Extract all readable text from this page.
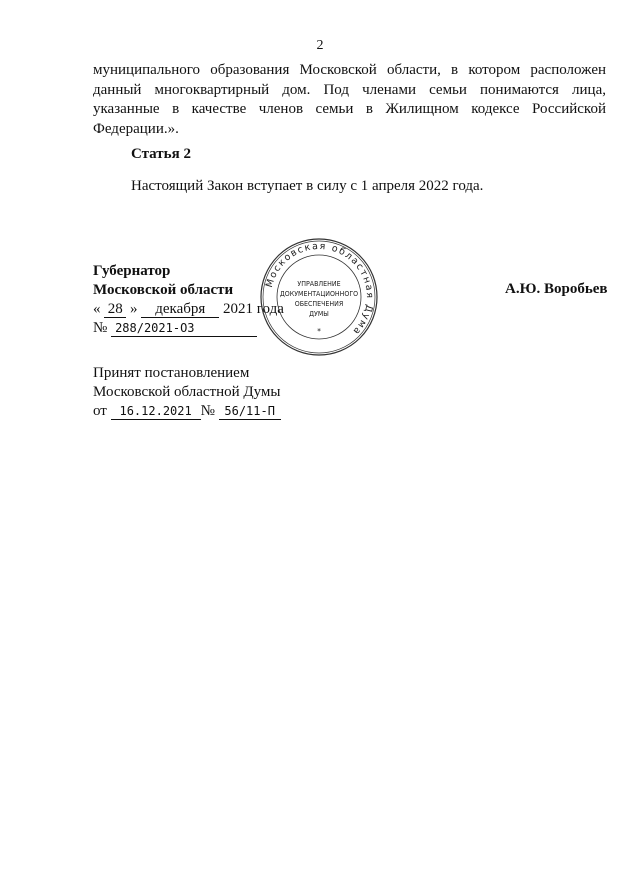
2
муниципального образования Московской области, в котором расположен данный многоквартирный дом. Под членами семьи понимаются лица, указанные в качестве членов семьи в Жилищном кодексе Российской Федерации.».
Статья 2
Настоящий Закон вступает в силу с 1 апреля 2022 года.
Губернатор
Московской области
« 28 » декабря 2021 года
№ 288/2021-ОЗ
А.Ю. Воробьев
Московская областная Дума
УПРАВЛЕНИЕ
ДОКУМЕНТАЦИОННОГО
ОБЕСПЕЧЕНИЯ
ДУМЫ
*
Принят постановлением
Московской областной Думы
от 16.12.2021 № 56/11-П
